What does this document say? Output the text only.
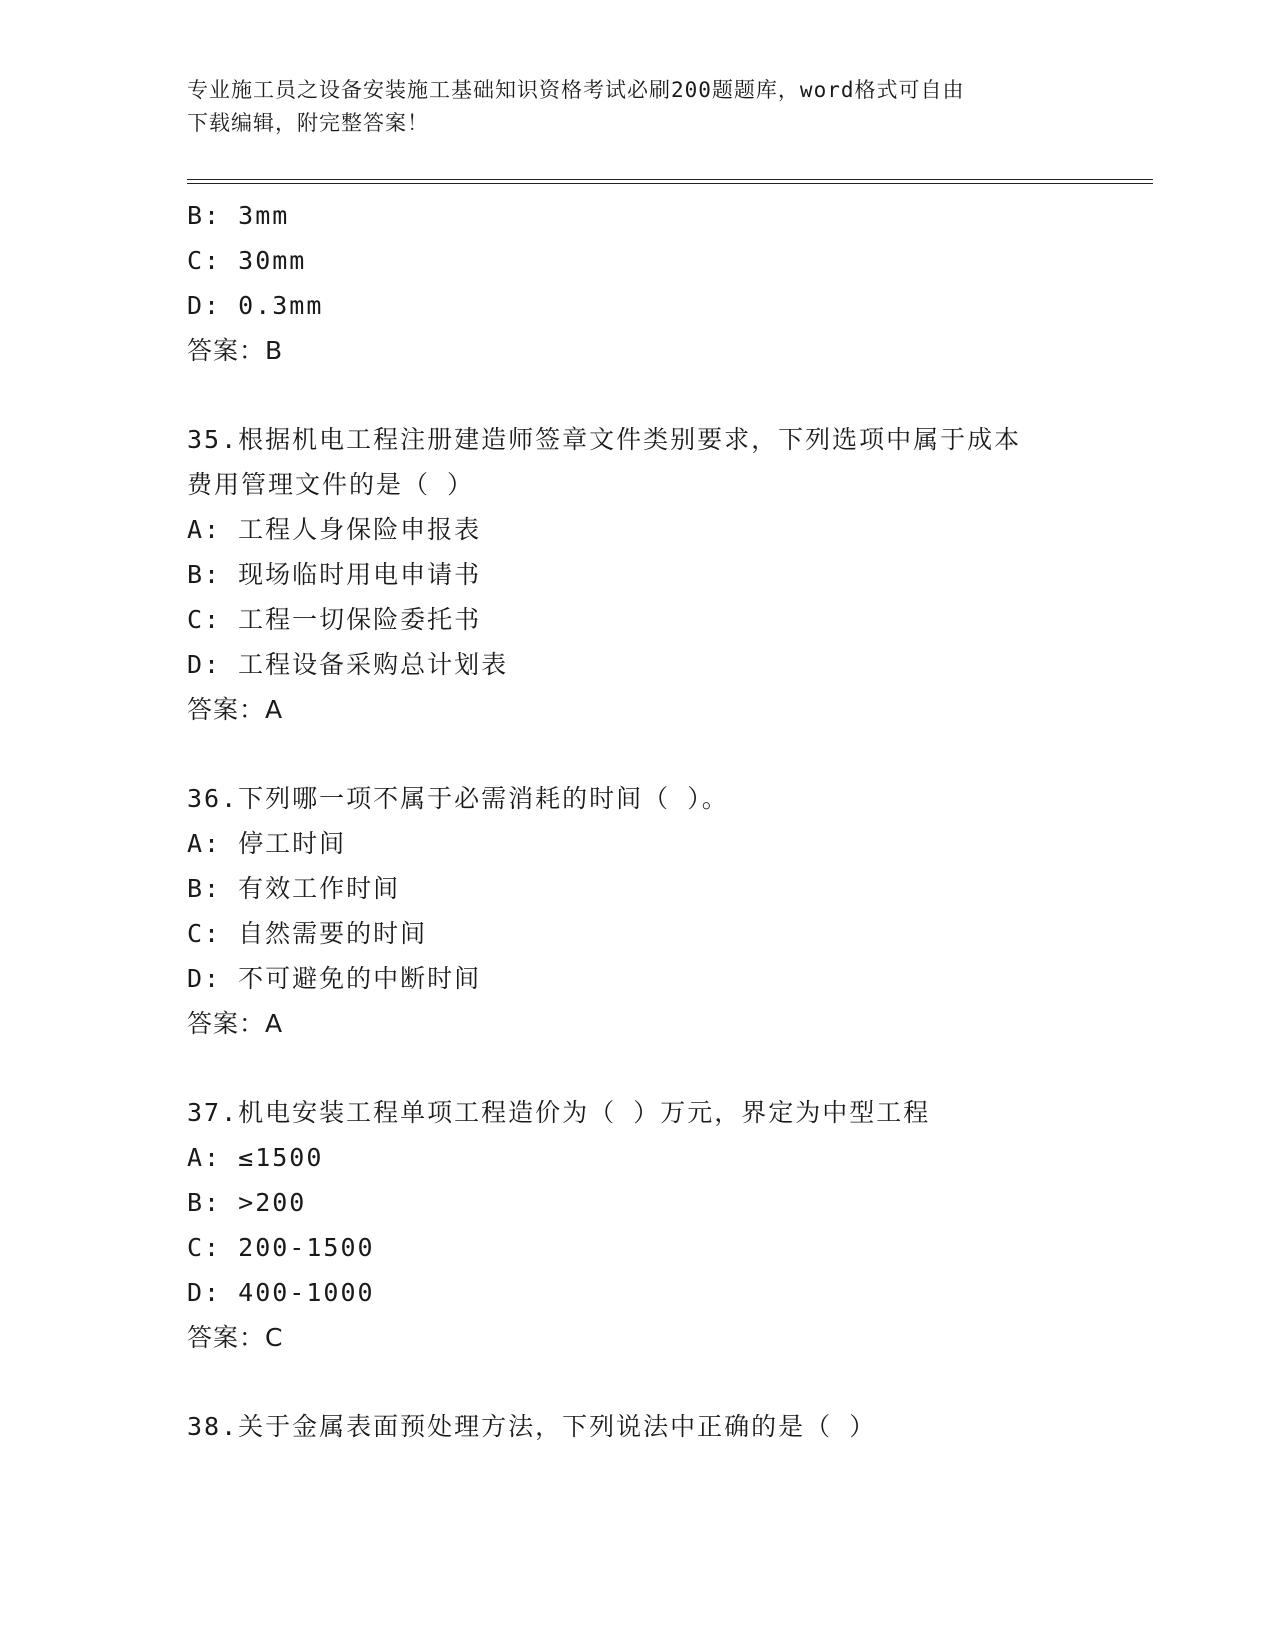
专业施工员之设备安装施工基础知识资格考试必刷200题题库，word格式可自由
下载编辑，附完整答案！
B: 3mm
C: 30mm
D: 0.3mm
答案：B
35.根据机电工程注册建造师签章文件类别要求，下列选项中属于成本
费用管理文件的是（ ）
A: 工程人身保险申报表
B: 现场临时用电申请书
C: 工程一切保险委托书
D: 工程设备采购总计划表
答案：A
36.下列哪一项不属于必需消耗的时间（ ）。
A: 停工时间
B: 有效工作时间
C: 自然需要的时间
D: 不可避免的中断时间
答案：A
37.机电安装工程单项工程造价为（ ）万元，界定为中型工程
A: ≤1500
B: >200
C: 200-1500
D: 400-1000
答案：C
38.关于金属表面预处理方法，下列说法中正确的是（ ）
